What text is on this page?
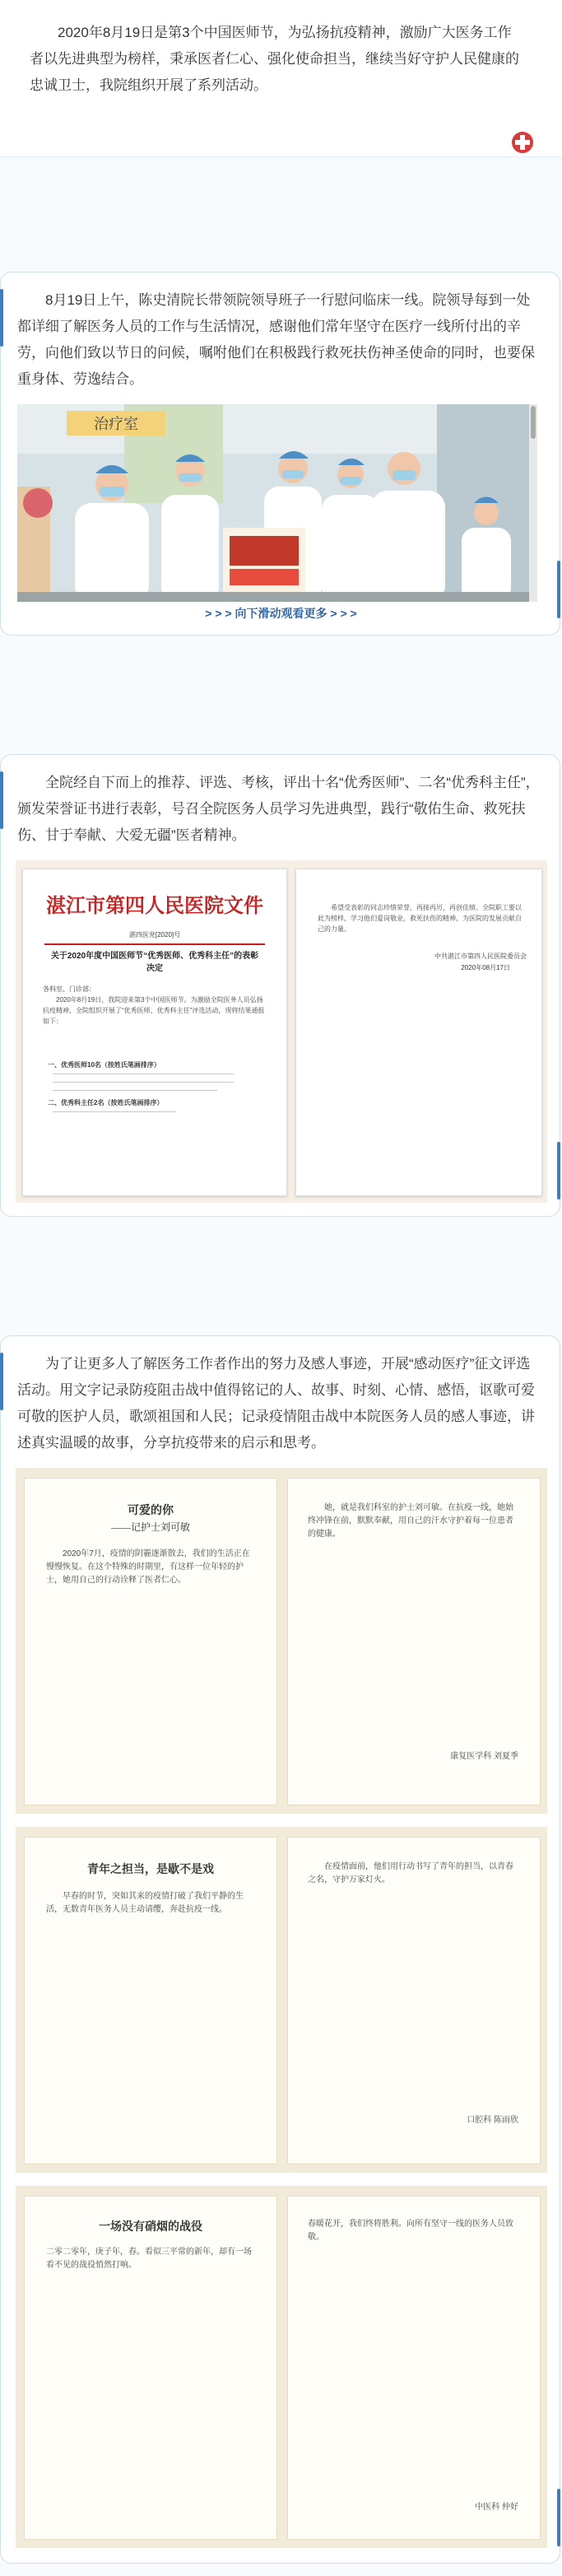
2020年8月19日是第3个中国医师节，为弘扬抗疫精神，激励广大医务工作者以先进典型为榜样，秉承医者仁心、强化使命担当，继续当好守护人民健康的忠诚卫士，我院组织开展了系列活动。
8月19日上午，陈史清院长带领院领导班子一行慰问临床一线。院领导每到一处都详细了解医务人员的工作与生活情况，感谢他们常年坚守在医疗一线所付出的辛劳，向他们致以节日的问候，嘱咐他们在积极践行救死扶伤神圣使命的同时，也要保重身体、劳逸结合。
治疗室
> > > 向下滑动观看更多 > > >
全院经自下而上的推荐、评选、考核，评出十名“优秀医师”、二名“优秀科主任”，颁发荣誉证书进行表彰，号召全院医务人员学习先进典型，践行“敬佑生命、救死扶伤、甘于奉献、大爱无疆”医者精神。
湛江市第四人民医院文件
湛四医党[2020]号
关于2020年度中国医师节“优秀医师、优秀科主任”的表彰决定
各科室、门诊部：
2020年8月19日，我院迎来第3个中国医师节。为激励全院医务人员弘扬抗疫精神，全院组织开展了“优秀医师、优秀科主任”评选活动，现将结果通报如下：
一、优秀医师10名（按姓氏笔画排序）
二、优秀科主任2名（按姓氏笔画排序）
希望受表彰的同志珍惜荣誉，再接再厉，再创佳绩。全院职工要以此为榜样，学习他们爱岗敬业，救死扶伤的精神，为医院的发展贡献自己的力量。
中共湛江市第四人民医院委员会
2020年08月17日
为了让更多人了解医务工作者作出的努力及感人事迹，开展“感动医疗”征文评选活动。用文字记录防疫阻击战中值得铭记的人、故事、时刻、心情、感悟，讴歌可爱可敬的医护人员，歌颂祖国和人民；记录疫情阻击战中本院医务人员的感人事迹，讲述真实温暖的故事，分享抗疫带来的启示和思考。
可爱的你
——记护士刘可敏
2020年7月，疫情的阴霾逐渐散去，我们的生活正在慢慢恢复。在这个特殊的时期里，有这样一位年轻的护士，她用自己的行动诠释了医者仁心。
她，就是我们科室的护士刘可敏。在抗疫一线，她始终冲锋在前，默默奉献，用自己的汗水守护着每一位患者的健康。
康复医学科 刘夏季
青年之担当，是歇不是戏
早春的时节，突如其来的疫情打破了我们平静的生活，无数青年医务人员主动请缨，奔赴抗疫一线。
在疫情面前，他们用行动书写了青年的担当，以青春之名，守护万家灯火。
口腔科 陈雨欣
一场没有硝烟的战役
二零二零年，庚子年，春。看似三平常的新年，却有一场看不见的战役悄然打响。
春暖花开，我们终将胜利。向所有坚守一线的医务人员致敬。
中医科 仲好
